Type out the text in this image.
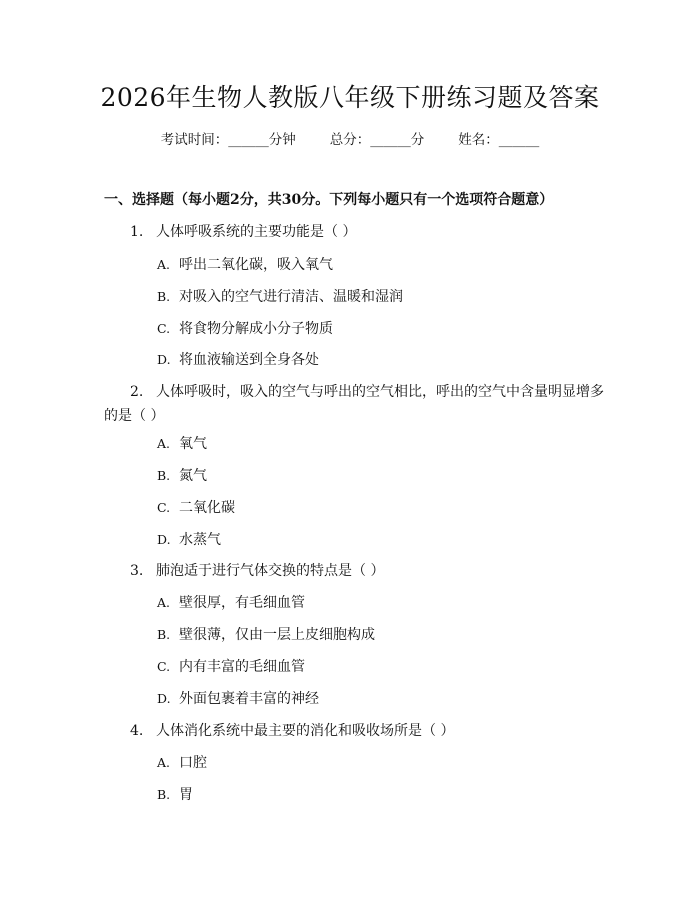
2026年生物人教版八年级下册练习题及答案
考试时间：______分钟	总分：______分	姓名：______
一、选择题（每小题2分，共30分。下列每小题只有一个选项符合题意）
1. 人体呼吸系统的主要功能是（ ）
A. 呼出二氧化碳，吸入氧气
B. 对吸入的空气进行清洁、温暖和湿润
C. 将食物分解成小分子物质
D. 将血液输送到全身各处
2. 人体呼吸时，吸入的空气与呼出的空气相比，呼出的空气中含量明显增多
的是（ ）
A. 氧气
B. 氮气
C. 二氧化碳
D. 水蒸气
3. 肺泡适于进行气体交换的特点是（ ）
A. 壁很厚，有毛细血管
B. 壁很薄，仅由一层上皮细胞构成
C. 内有丰富的毛细血管
D. 外面包裹着丰富的神经
4. 人体消化系统中最主要的消化和吸收场所是（ ）
A. 口腔
B. 胃
